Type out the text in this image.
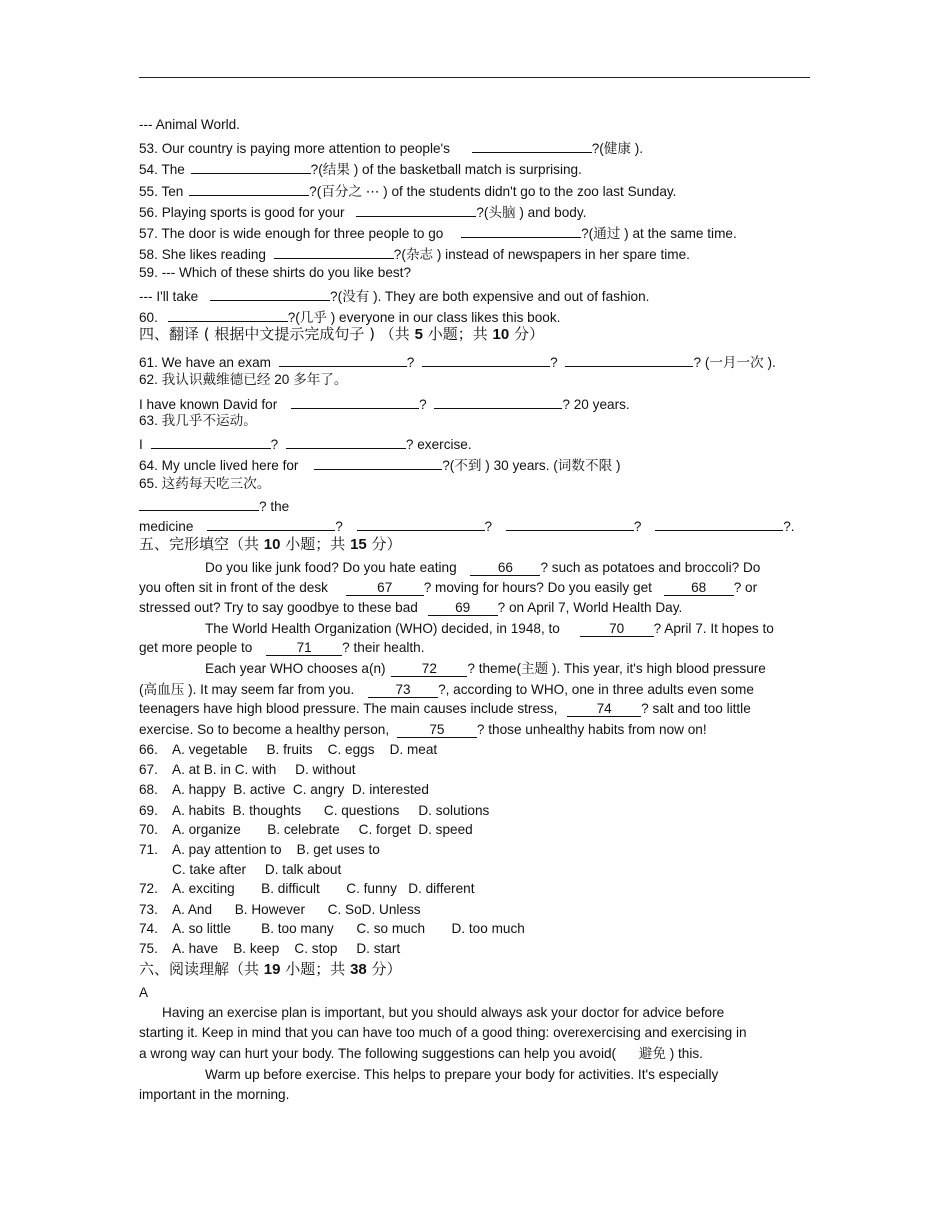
--- Animal World.
53. Our country is paying more attention to people's	?(健康 ).
54. The	?(结果 ) of the basketball match is surprising.
55. Ten	?(百分之 ⋯ ) of the students didn't go to the zoo last Sunday.
56. Playing sports is good for your	?(头脑 ) and body.
57. The door is wide enough for three people to go	?(通过 ) at the same time.
58. She likes reading	?(杂志 ) instead of newspapers in her spare time.
59. --- Which of these shirts do you like best?
--- I'll take	?(没有 ). They are both expensive and out of fashion.
60.	?(几乎 ) everyone in our class likes this book.
四、翻译 ( 根据中文提示完成句子 ) （共 5 小题；共 10 分）
61. We have an exam	?	?	? (一月一次 ).
62. 我认识戴维德已经 20 多年了。
I have known David for	?	? 20 years.
63. 我几乎不运动。
I	?	? exercise.
64. My uncle lived here for	?(不到 ) 30 years. (词数不限 )
65. 这药每天吃三次。
? the
medicine	?	?	?	?.
五、完形填空（共 10 小题；共 15 分）
Do you like junk food? Do you hate eating	66 ? such as potatoes and broccoli? Do
you often sit in front of the desk	67 ? moving for hours? Do you easily get	68 ? or
stressed out? Try to say goodbye to these bad	69 ? on April 7, World Health Day.
The World Health Organization (WHO) decided, in 1948, to	70 ? April 7. It hopes to
get more people to	71 ? their health.
Each year WHO chooses a(n)	72 ? theme(主题 ). This year, it's high blood pressure
(高血压 ). It may seem far from you.	73 ?, according to WHO, one in three adults even some
teenagers have high blood pressure. The main causes include stress,	74 ? salt and too little
exercise. So to become a healthy person,	75 ? those unhealthy habits from now on!
66. A. vegetable     B. fruits    C. eggs    D. meat
67. A. at B. in C. with     D. without
68. A. happy  B. active  C. angry  D. interested
69. A. habits  B. thoughts      C. questions     D. solutions
70. A. organize       B. celebrate     C. forget  D. speed
71. A. pay attention to    B. get uses to
C. take after     D. talk about
72. A. exciting       B. difficult       C. funny   D. different
73. A. And      B. However      C. SoD. Unless
74. A. so little        B. too many      C. so much       D. too much
75. A. have    B. keep    C. stop     D. start
六、阅读理解（共 19 小题；共 38 分）
A
Having an exercise plan is important, but you should always ask your doctor for advice before
starting it. Keep in mind that you can have too much of a good thing: overexercising and exercising in
a wrong way can hurt your body. The following suggestions can help you avoid(      避免 ) this.
Warm up before exercise. This helps to prepare your body for activities. It's especially
important in the morning.
